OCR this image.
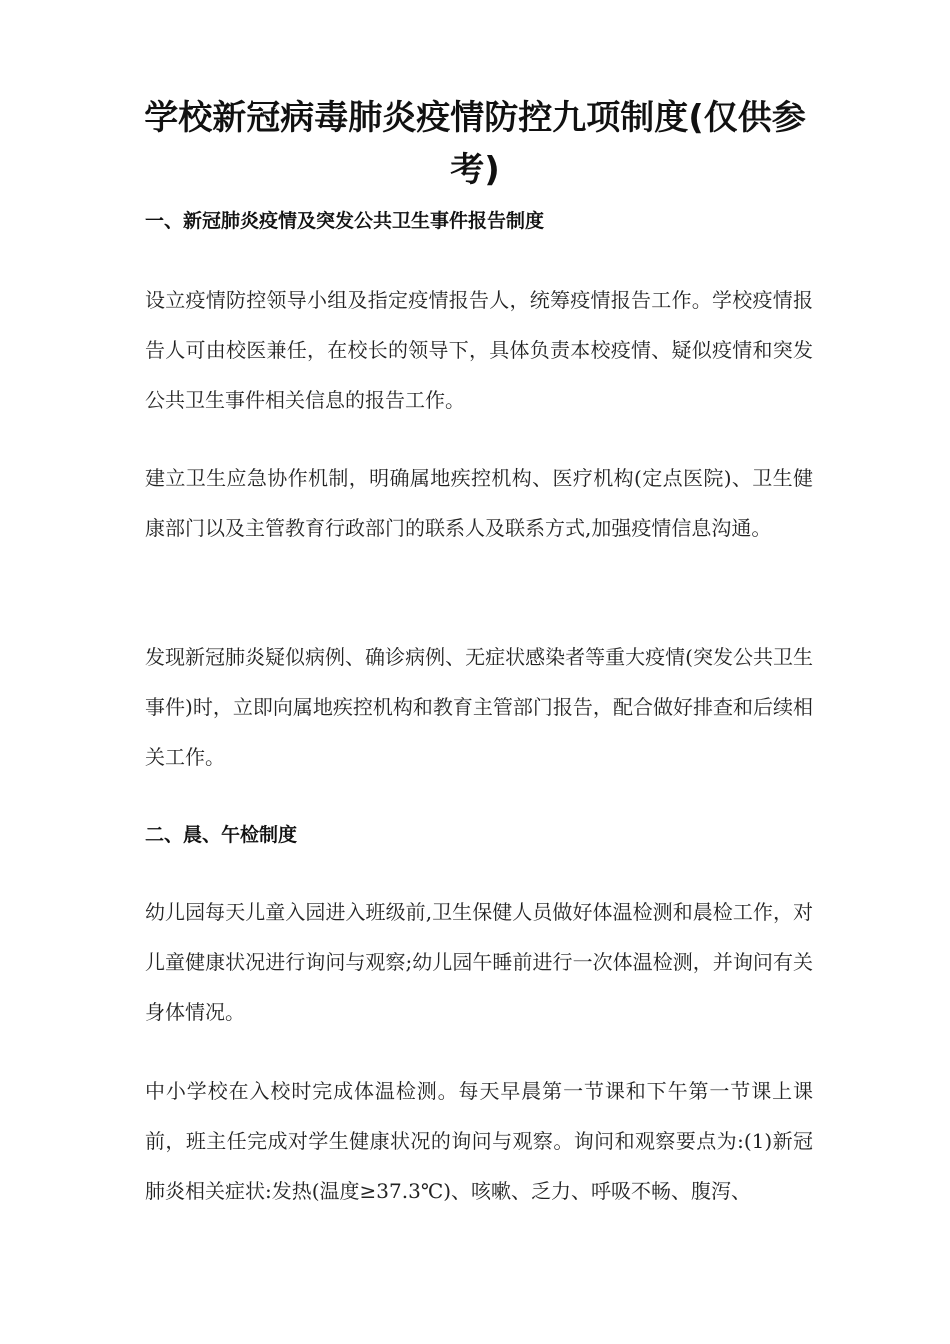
学校新冠病毒肺炎疫情防控九项制度(仅供参考)
一、新冠肺炎疫情及突发公共卫生事件报告制度
设立疫情防控领导小组及指定疫情报告人，统筹疫情报告工作。学校疫情报告人可由校医兼任，在校长的领导下，具体负责本校疫情、疑似疫情和突发公共卫生事件相关信息的报告工作。
建立卫生应急协作机制，明确属地疾控机构、医疗机构(定点医院)、卫生健康部门以及主管教育行政部门的联系人及联系方式,加强疫情信息沟通。
发现新冠肺炎疑似病例、确诊病例、无症状感染者等重大疫情(突发公共卫生事件)时，立即向属地疾控机构和教育主管部门报告，配合做好排查和后续相关工作。
二、晨、午检制度
幼儿园每天儿童入园进入班级前,卫生保健人员做好体温检测和晨检工作，对儿童健康状况进行询问与观察;幼儿园午睡前进行一次体温检测，并询问有关身体情况。
中小学校在入校时完成体温检测。每天早晨第一节课和下午第一节课上课前，班主任完成对学生健康状况的询问与观察。询问和观察要点为:(1)新冠肺炎相关症状:发热(温度≥37.3℃)、咳嗽、乏力、呼吸不畅、腹泻、
